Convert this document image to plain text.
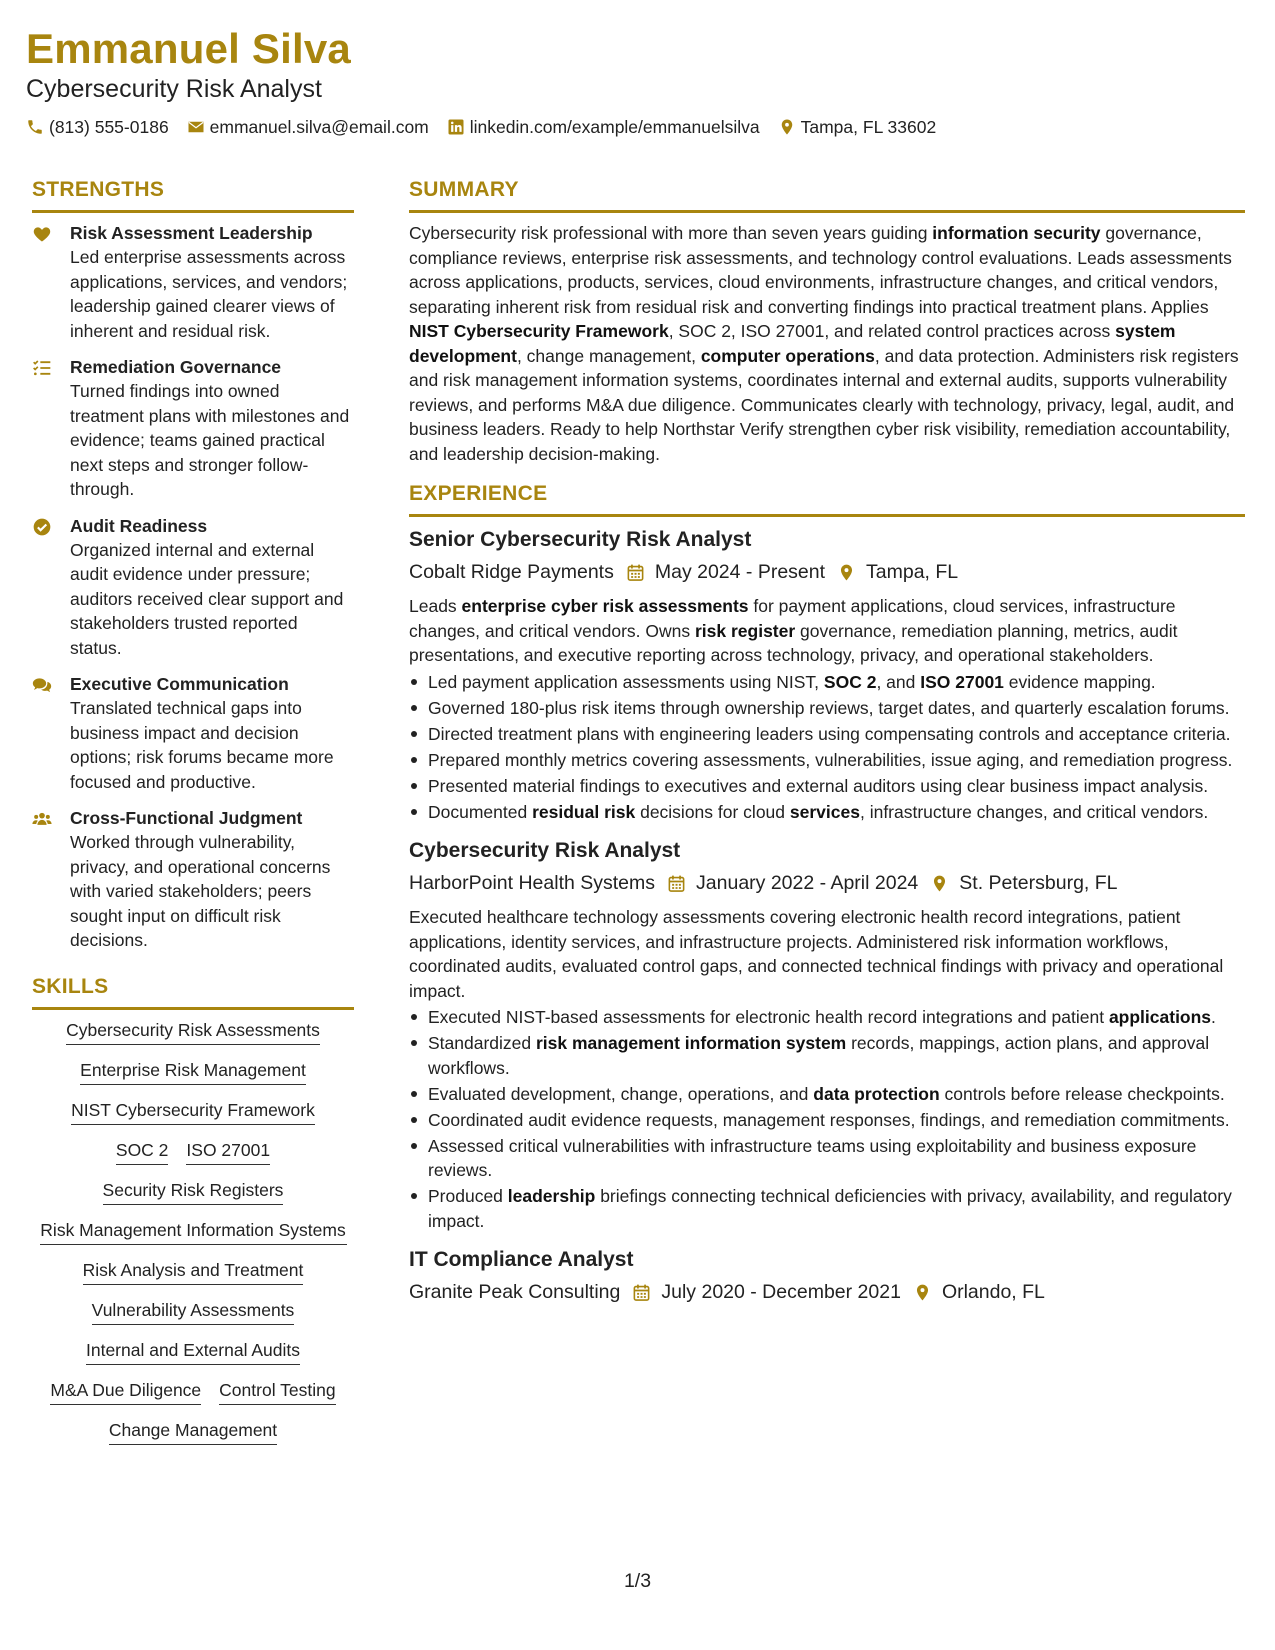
Emmanuel Silva
Cybersecurity Risk Analyst
(813) 555-0186 emmanuel.silva@email.com linkedin.com/example/emmanuelsilva Tampa, FL 33602
STRENGTHS
Risk Assessment Leadership
Led enterprise assessments across applications, services, and vendors; leadership gained clearer views of inherent and residual risk.
Remediation Governance
Turned findings into owned treatment plans with milestones and evidence; teams gained practical next steps and stronger follow-through.
Audit Readiness
Organized internal and external audit evidence under pressure; auditors received clear support and stakeholders trusted reported status.
Executive Communication
Translated technical gaps into business impact and decision options; risk forums became more focused and productive.
Cross-Functional Judgment
Worked through vulnerability, privacy, and operational concerns with varied stakeholders; peers sought input on difficult risk decisions.
SKILLS
Cybersecurity Risk Assessments
Enterprise Risk Management
NIST Cybersecurity Framework
SOC 2 ISO 27001
Security Risk Registers
Risk Management Information Systems
Risk Analysis and Treatment
Vulnerability Assessments
Internal and External Audits
M&A Due Diligence Control Testing
Change Management
SUMMARY
Cybersecurity risk professional with more than seven years guiding information security governance, compliance reviews, enterprise risk assessments, and technology control evaluations. Leads assessments across applications, products, services, cloud environments, infrastructure changes, and critical vendors, separating inherent risk from residual risk and converting findings into practical treatment plans. Applies NIST Cybersecurity Framework, SOC 2, ISO 27001, and related control practices across system development, change management, computer operations, and data protection. Administers risk registers and risk management information systems, coordinates internal and external audits, supports vulnerability reviews, and performs M&A due diligence. Communicates clearly with technology, privacy, legal, audit, and business leaders. Ready to help Northstar Verify strengthen cyber risk visibility, remediation accountability, and leadership decision-making.
EXPERIENCE
Senior Cybersecurity Risk Analyst
Cobalt Ridge Payments May 2024 - Present Tampa, FL
Leads enterprise cyber risk assessments for payment applications, cloud services, infrastructure changes, and critical vendors. Owns risk register governance, remediation planning, metrics, audit presentations, and executive reporting across technology, privacy, and operational stakeholders.
Led payment application assessments using NIST, SOC 2, and ISO 27001 evidence mapping.
Governed 180-plus risk items through ownership reviews, target dates, and quarterly escalation forums.
Directed treatment plans with engineering leaders using compensating controls and acceptance criteria.
Prepared monthly metrics covering assessments, vulnerabilities, issue aging, and remediation progress.
Presented material findings to executives and external auditors using clear business impact analysis.
Documented residual risk decisions for cloud services, infrastructure changes, and critical vendors.
Cybersecurity Risk Analyst
HarborPoint Health Systems January 2022 - April 2024 St. Petersburg, FL
Executed healthcare technology assessments covering electronic health record integrations, patient applications, identity services, and infrastructure projects. Administered risk information workflows, coordinated audits, evaluated control gaps, and connected technical findings with privacy and operational impact.
Executed NIST-based assessments for electronic health record integrations and patient applications.
Standardized risk management information system records, mappings, action plans, and approval workflows.
Evaluated development, change, operations, and data protection controls before release checkpoints.
Coordinated audit evidence requests, management responses, findings, and remediation commitments.
Assessed critical vulnerabilities with infrastructure teams using exploitability and business exposure reviews.
Produced leadership briefings connecting technical deficiencies with privacy, availability, and regulatory impact.
IT Compliance Analyst
Granite Peak Consulting July 2020 - December 2021 Orlando, FL
1/3
